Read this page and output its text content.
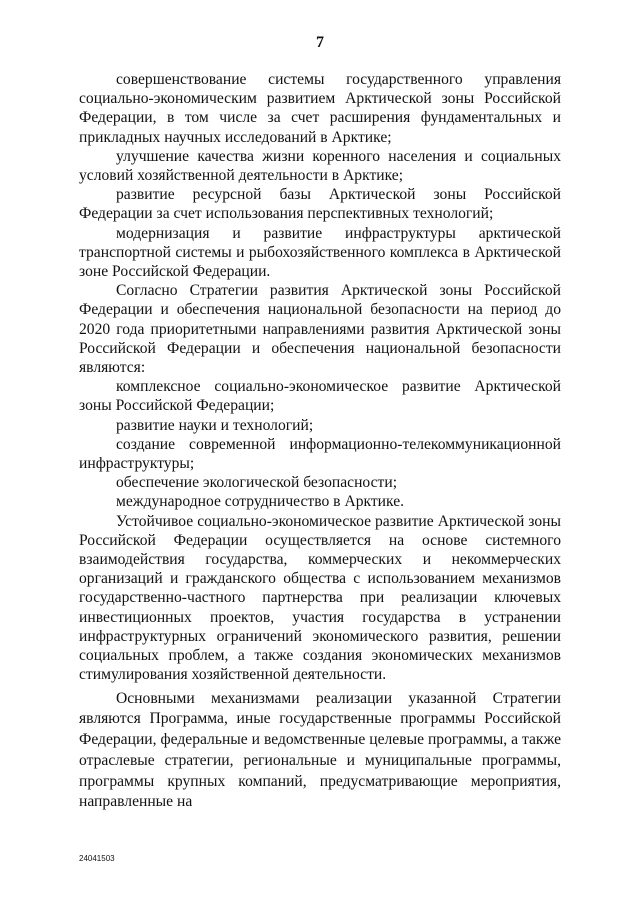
7

совершенствование системы государственного управления социально-экономическим развитием Арктической зоны Российской Федерации, в том числе за счет расширения фундаментальных и прикладных научных исследований в Арктике;

улучшение качества жизни коренного населения и социальных условий хозяйственной деятельности в Арктике;

развитие ресурсной базы Арктической зоны Российской Федерации за счет использования перспективных технологий;

модернизация и развитие инфраструктуры арктической транспортной системы и рыбохозяйственного комплекса в Арктической зоне Российской Федерации.

Согласно Стратегии развития Арктической зоны Российской Федерации и обеспечения национальной безопасности на период до 2020 года приоритетными направлениями развития Арктической зоны Российской Федерации и обеспечения национальной безопасности являются:

комплексное социально-экономическое развитие Арктической зоны Российской Федерации;

развитие науки и технологий;

создание современной информационно-телекоммуникационной инфраструктуры;

обеспечение экологической безопасности;

международное сотрудничество в Арктике.

Устойчивое социально-экономическое развитие Арктической зоны Российской Федерации осуществляется на основе системного взаимодействия государства, коммерческих и некоммерческих организаций и гражданского общества с использованием механизмов государственно-частного партнерства при реализации ключевых инвестиционных проектов, участия государства в устранении инфраструктурных ограничений экономического развития, решении социальных проблем, а также создания экономических механизмов стимулирования хозяйственной деятельности.

Основными механизмами реализации указанной Стратегии являются Программа, иные государственные программы Российской Федерации, федеральные и ведомственные целевые программы, а также отраслевые стратегии, региональные и муниципальные программы, программы крупных компаний, предусматривающие мероприятия, направленные на

24041503
